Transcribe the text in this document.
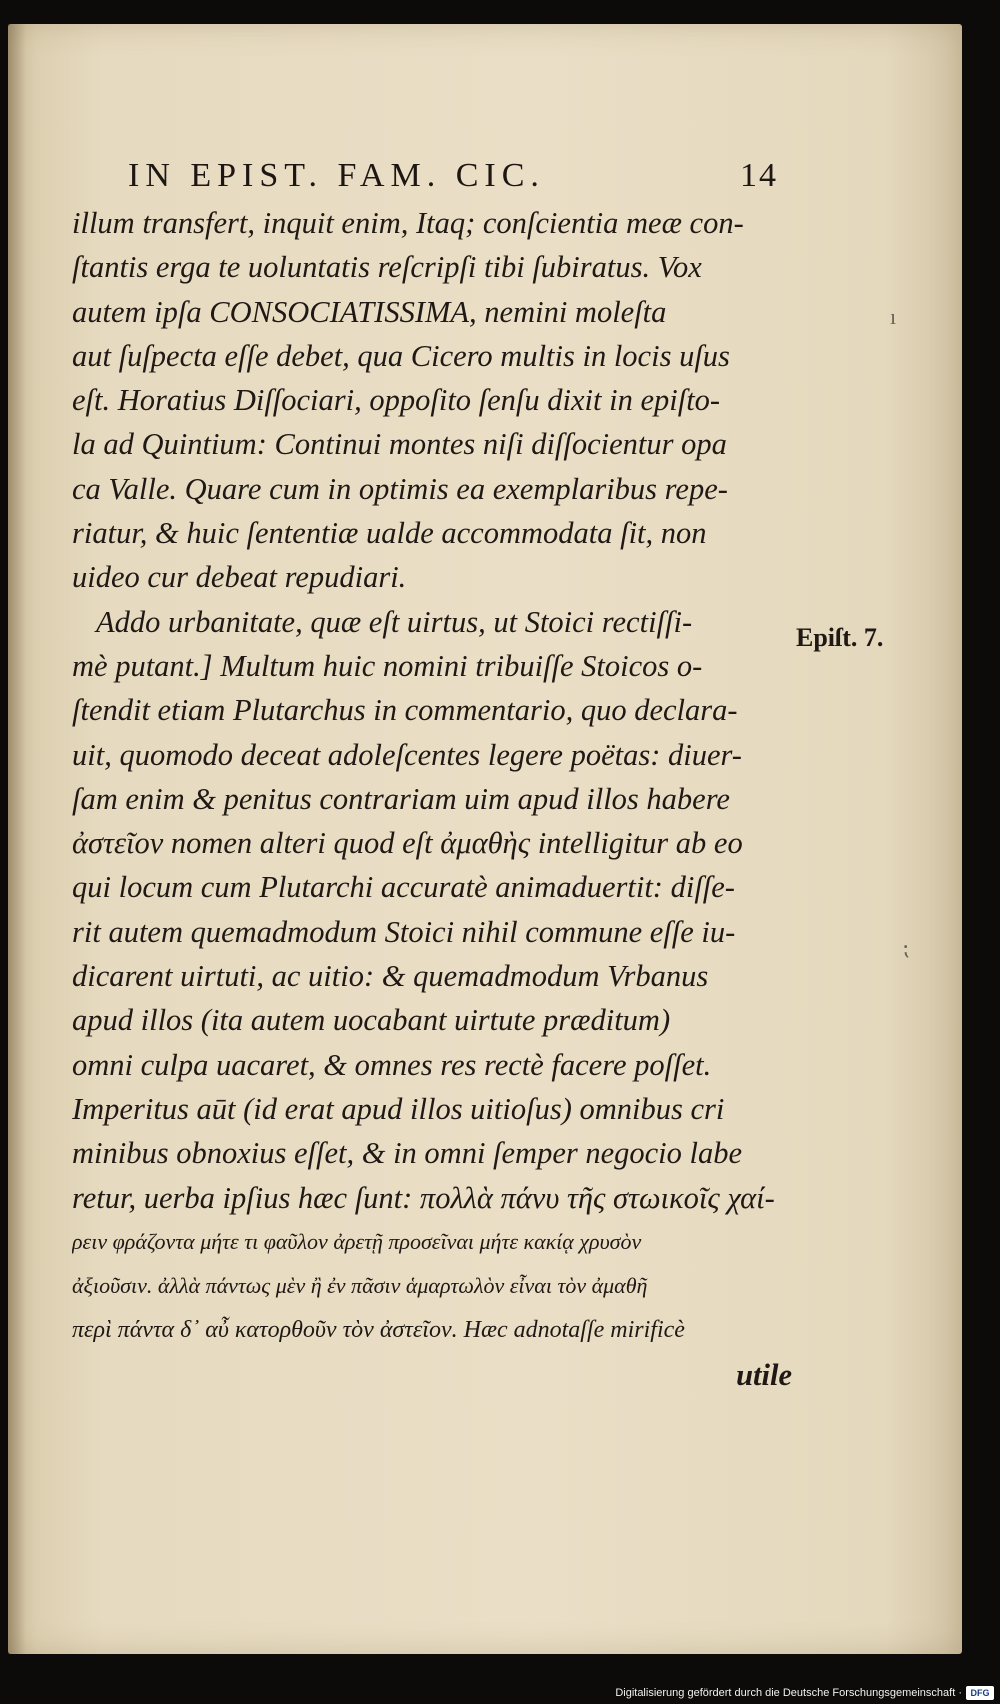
IN EPIST. FAM. CIC.	14
illum transfert, inquit enim, Itaq; conſcientia meæ con-
ſtantis erga te uoluntatis reſcripſi tibi ſubiratus. Vox
autem ipſa CONSOCIATISSIMA, nemini moleſta
aut ſuſpecta eſſe debet, qua Cicero multis in locis uſus
eſt. Horatius Diſſociari, oppoſito ſenſu dixit in epiſto-
la ad Quintium: Continui montes niſi diſſocientur opa
ca Valle. Quare cum in optimis ea exemplaribus repe-
riatur, & huic ſententiæ ualde accommodata ſit, non
uideo cur debeat repudiari.
Addo urbanitate, quæ eſt uirtus, ut Stoici rectiſſi-
mè putant.] Multum huic nomini tribuiſſe Stoicos o-
ſtendit etiam Plutarchus in commentario, quo declara-
uit, quomodo deceat adoleſcentes legere poëtas: diuer-
ſam enim & penitus contrariam uim apud illos habere
ἀστεῖον nomen alteri quod eſt ἀμαθὴς intelligitur ab eo
qui locum cum Plutarchi accuratè animaduertit: diſſe-
rit autem quemadmodum Stoici nihil commune eſſe iu-
dicarent uirtuti, ac uitio: & quemadmodum Vrbanus
apud illos (ita autem uocabant uirtute præditum)
omni culpa uacaret, & omnes res rectè facere poſſet.
Imperitus aūt (id erat apud illos uitioſus) omnibus cri
minibus obnoxius eſſet, & in omni ſemper negocio labe
retur, uerba ipſius hæc ſunt: πολλὰ πάνυ τῆς στωικοῖς χαί-
ρειν φράζοντα μήτε τι φαῦλον ἀρετῇ προσεῖναι μήτε κακίᾳ χρυσὸν
ἀξιοῦσιν. ἀλλὰ πάντως μὲν ἢ ἐν πᾶσιν ἁμαρτωλὸν εἶναι τὸν ἀμαθῆ
περὶ πάντα δ᾽ αὖ κατορθοῦν τὸν ἀστεῖον. Hæc adnotaſſe mirificè
utile
Epiſt. 7.
ı
⁏
Digitalisierung gefördert durch die Deutsche Forschungsgemeinschaft · DFG
